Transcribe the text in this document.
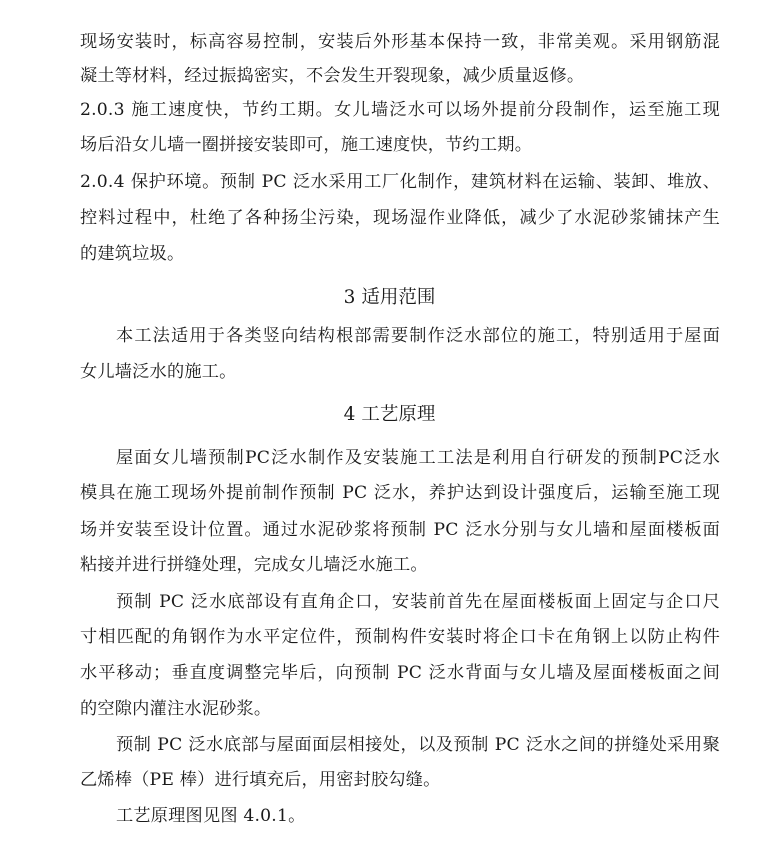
现场安装时，标高容易控制，安装后外形基本保持一致，非常美观。采用钢筋混
凝土等材料，经过振捣密实，不会发生开裂现象，减少质量返修。
2.0.3 施工速度快，节约工期。女儿墙泛水可以场外提前分段制作，运至施工现
场后沿女儿墙一圈拼接安装即可，施工速度快，节约工期。
2.0.4 保护环境。预制 PC 泛水采用工厂化制作，建筑材料在运输、装卸、堆放、
控料过程中，杜绝了各种扬尘污染，现场湿作业降低，减少了水泥砂浆铺抹产生
的建筑垃圾。
3 适用范围
本工法适用于各类竖向结构根部需要制作泛水部位的施工，特别适用于屋面
女儿墙泛水的施工。
4 工艺原理
屋面女儿墙预制PC泛水制作及安装施工工法是利用自行研发的预制PC泛水
模具在施工现场外提前制作预制 PC 泛水，养护达到设计强度后，运输至施工现
场并安装至设计位置。通过水泥砂浆将预制 PC 泛水分别与女儿墙和屋面楼板面
粘接并进行拼缝处理，完成女儿墙泛水施工。
预制 PC 泛水底部设有直角企口，安装前首先在屋面楼板面上固定与企口尺
寸相匹配的角钢作为水平定位件，预制构件安装时将企口卡在角钢上以防止构件
水平移动；垂直度调整完毕后，向预制 PC 泛水背面与女儿墙及屋面楼板面之间
的空隙内灌注水泥砂浆。
预制 PC 泛水底部与屋面面层相接处，以及预制 PC 泛水之间的拼缝处采用聚
乙烯棒（PE 棒）进行填充后，用密封胶勾缝。
工艺原理图见图 4.0.1。
